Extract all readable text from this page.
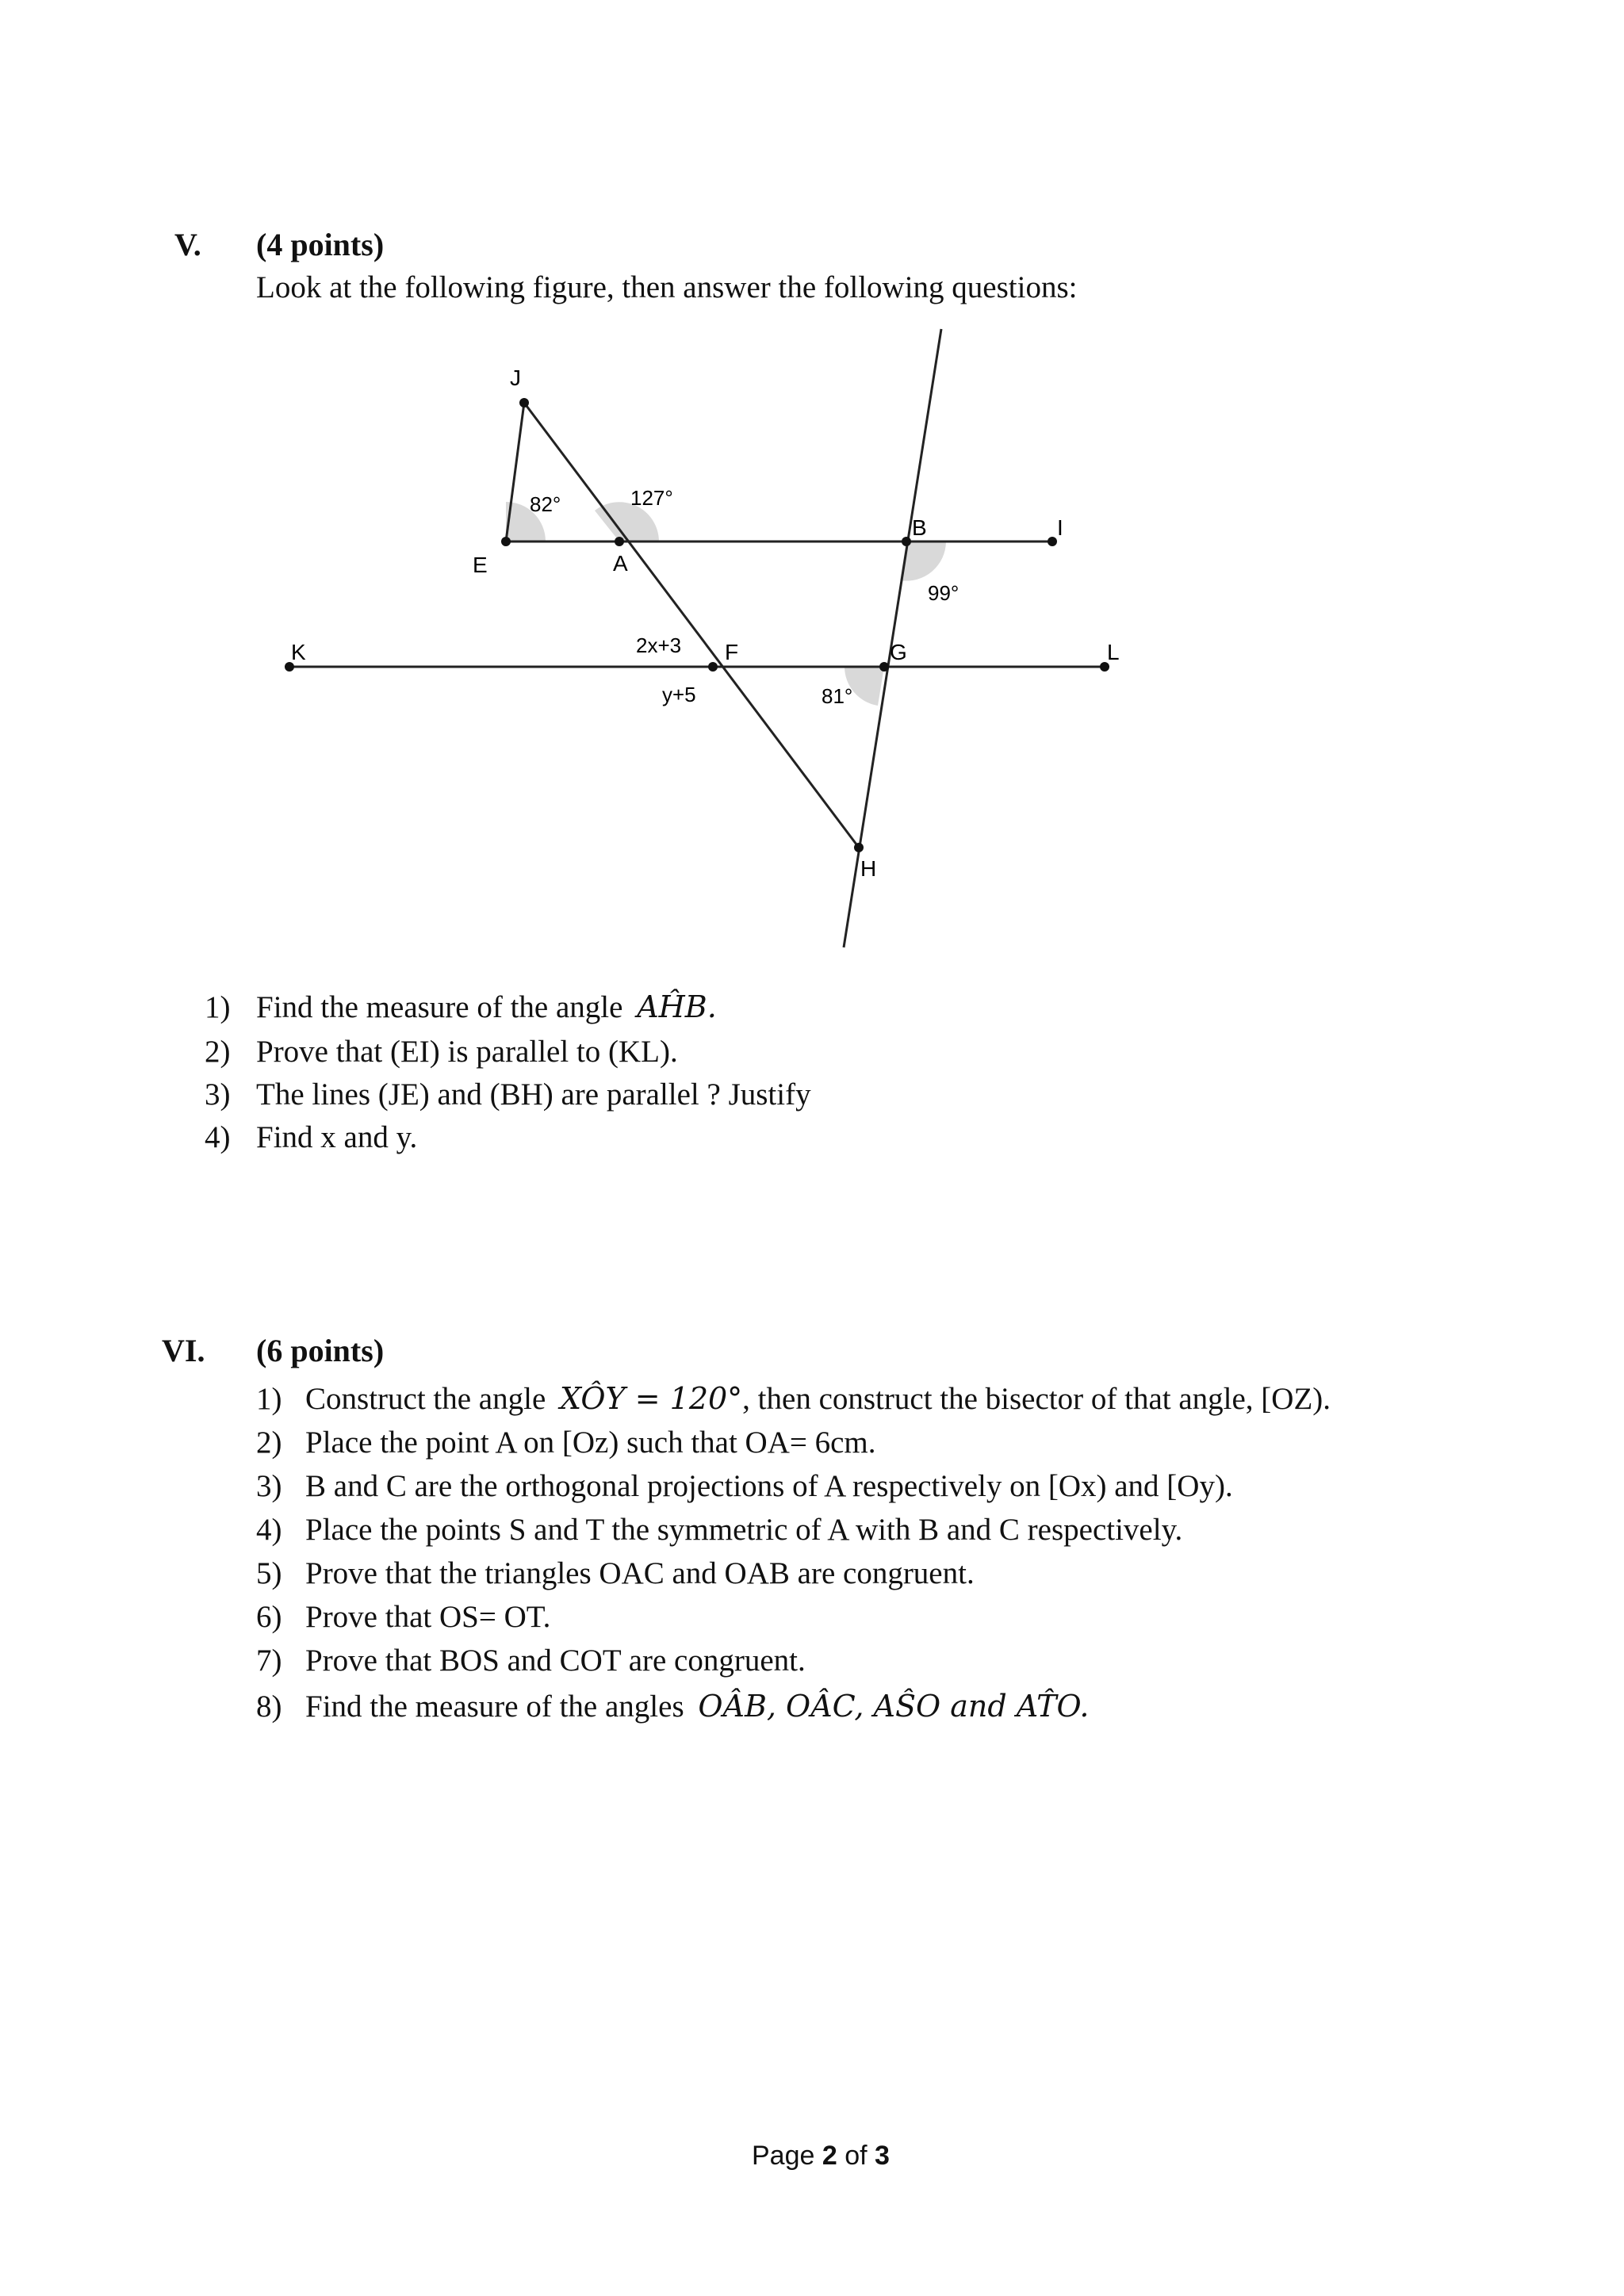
V. (4 points)
Look at the following figure, then answer the following questions:
J
E	A
B	I
K	F	G	L
H
82°	127°
99°
81°
2x+3
y+5
1) Find the measure of the angle AĤB.
2) Prove that (EI) is parallel to (KL).
3) The lines (JE) and (BH) are parallel ? Justify
4) Find x and y.
VI. (6 points)
1) Construct the angle XÔY = 120°, then construct the bisector of that angle, [OZ).
2) Place the point A on [Oz) such that OA= 6cm.
3) B and C are the orthogonal projections of A respectively on [Ox) and [Oy).
4) Place the points S and T the symmetric of A with B and C respectively.
5) Prove that the triangles OAC and OAB are congruent.
6) Prove that OS= OT.
7) Prove that BOS and COT are congruent.
8) Find the measure of the angles OÂB, OÂC, AŜO and AT̂O.
Page 2 of 3
